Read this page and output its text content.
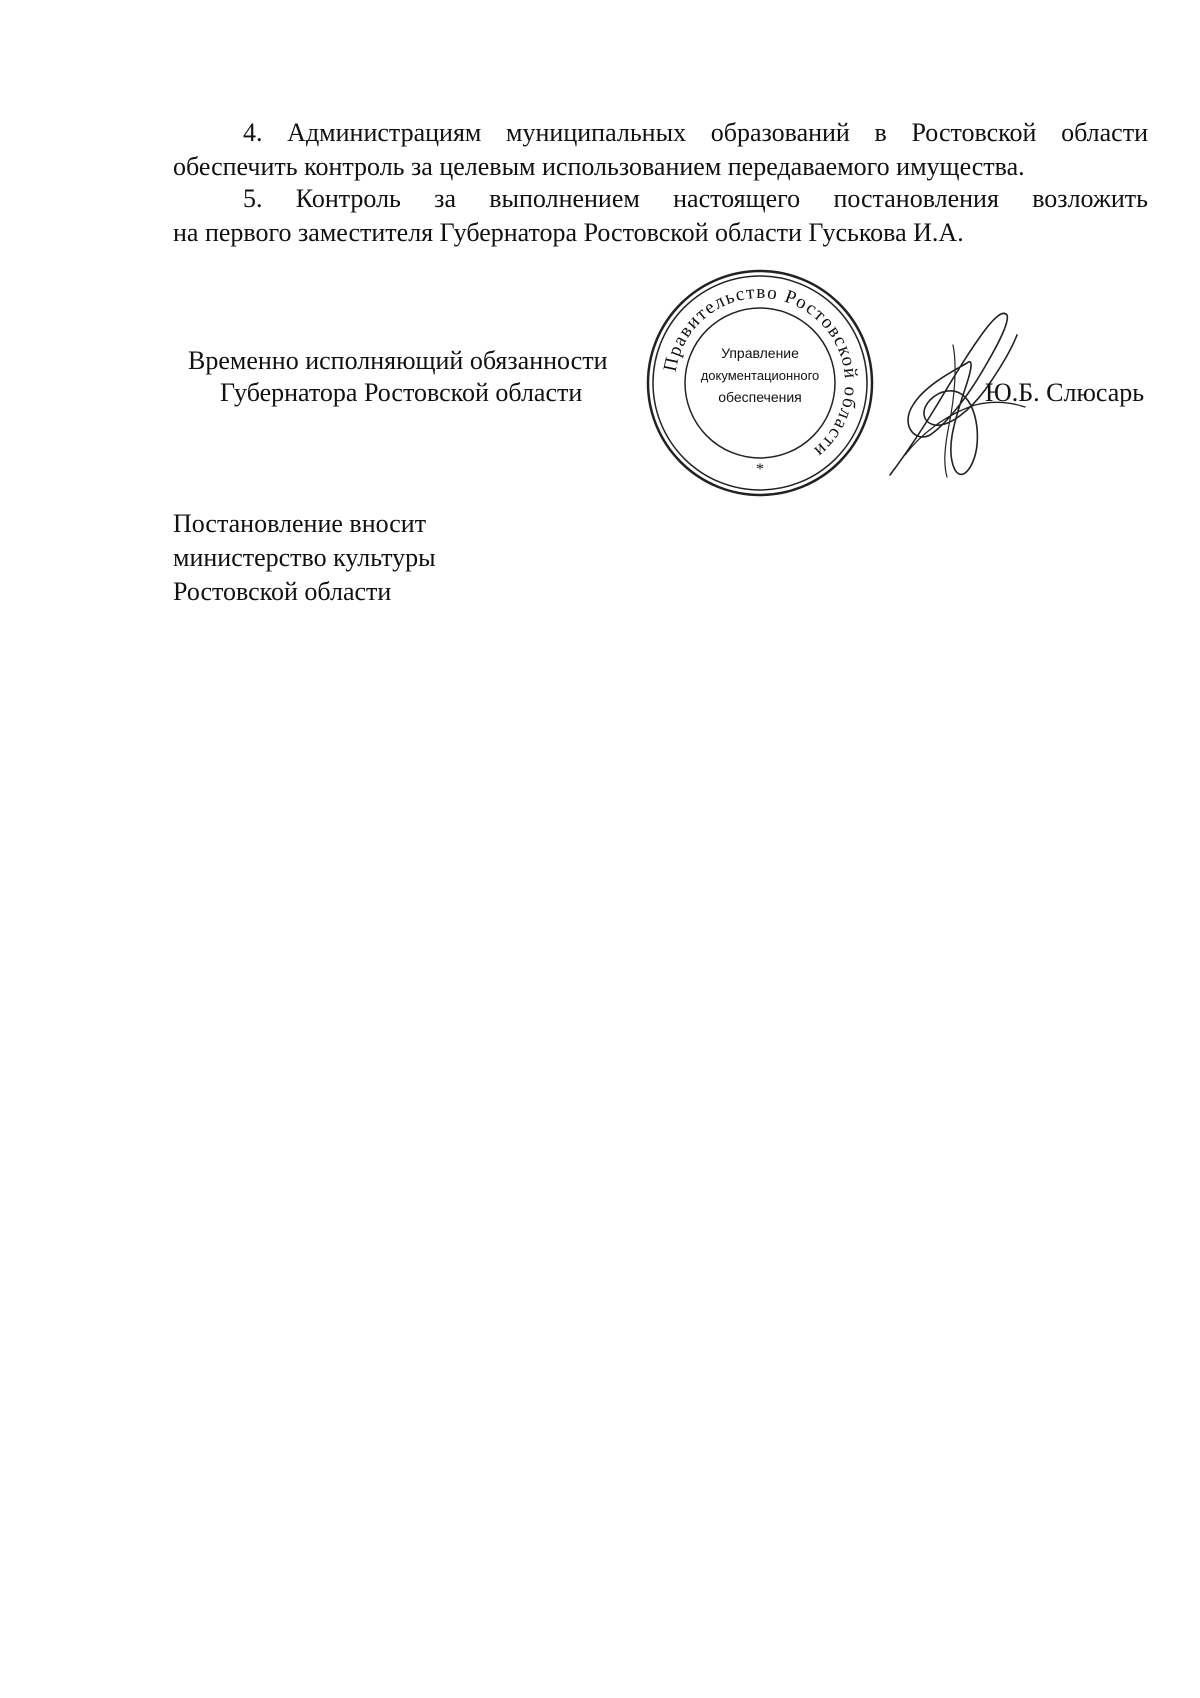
4. Администрациям муниципальных образований в Ростовской области
обеспечить контроль за целевым использованием передаваемого имущества.
5. Контроль за выполнением настоящего постановления возложить
на первого заместителя Губернатора Ростовской области Гуськова И.А.
Временно исполняющий обязанности
Губернатора Ростовской области
Правительство Ростовской области
Управление
документационного
обеспечения
*
Ю.Б. Слюсарь
Постановление вносит
министерство культуры
Ростовской области
